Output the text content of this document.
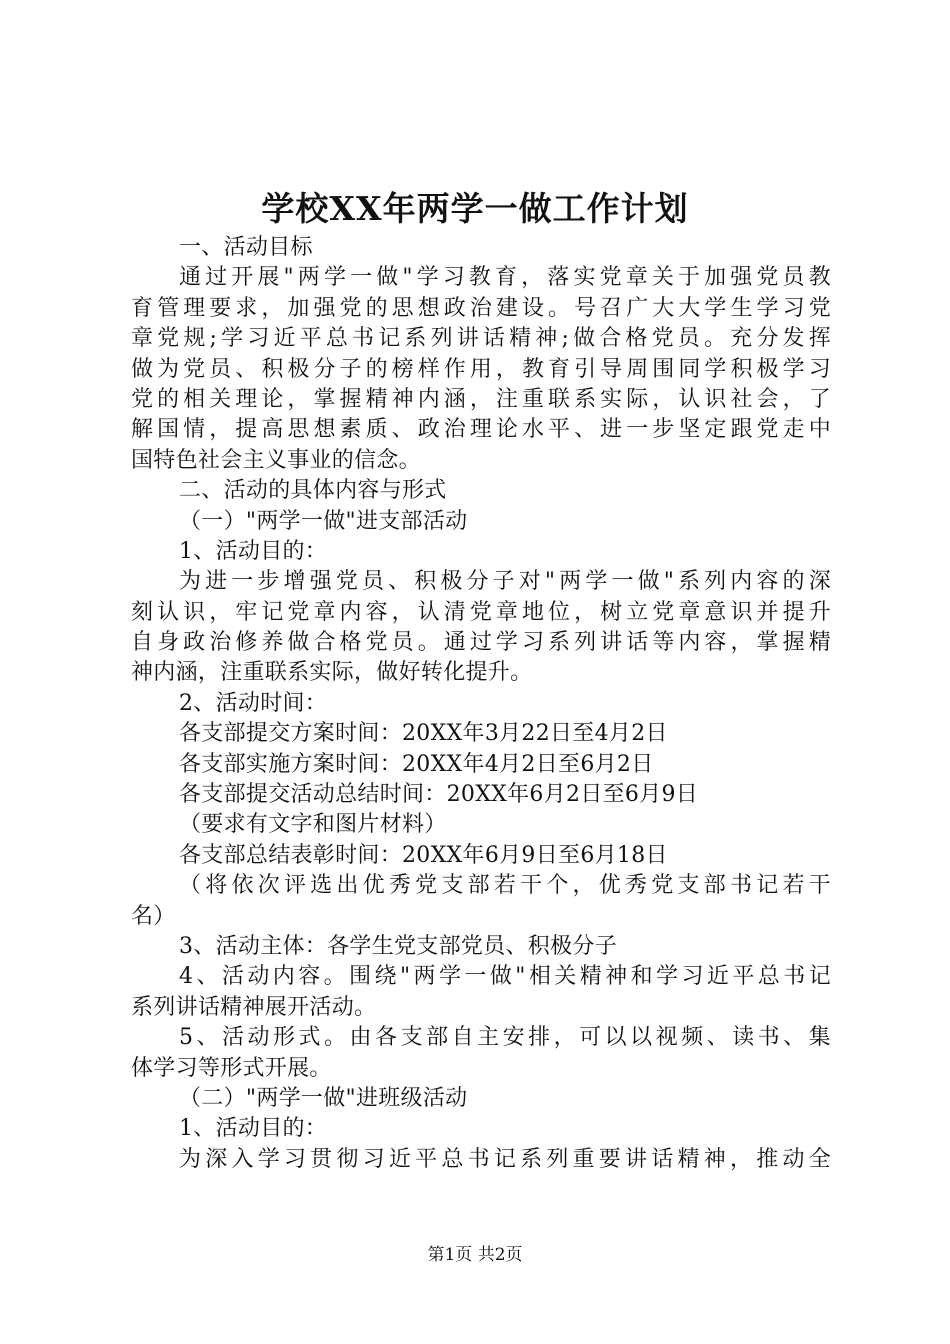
学校XX年两学一做工作计划
一、活动目标
通过开展"两学一做"学习教育，落实党章关于加强党员教
育管理要求，加强党的思想政治建设。号召广大大学生学习党
章党规;学习近平总书记系列讲话精神;做合格党员。充分发挥
做为党员、积极分子的榜样作用，教育引导周围同学积极学习
党的相关理论，掌握精神内涵，注重联系实际，认识社会，了
解国情，提高思想素质、政治理论水平、进一步坚定跟党走中
国特色社会主义事业的信念。
二、活动的具体内容与形式
（一）"两学一做"进支部活动
1、活动目的：
为进一步增强党员、积极分子对"两学一做"系列内容的深
刻认识，牢记党章内容，认清党章地位，树立党章意识并提升
自身政治修养做合格党员。通过学习系列讲话等内容，掌握精
神内涵，注重联系实际，做好转化提升。
2、活动时间：
各支部提交方案时间：20XX年3月22日至4月2日
各支部实施方案时间：20XX年4月2日至6月2日
各支部提交活动总结时间：20XX年6月2日至6月9日
（要求有文字和图片材料）
各支部总结表彰时间：20XX年6月9日至6月18日
（将依次评选出优秀党支部若干个，优秀党支部书记若干
名）
3、活动主体：各学生党支部党员、积极分子
4、活动内容。围绕"两学一做"相关精神和学习近平总书记
系列讲话精神展开活动。
5、活动形式。由各支部自主安排，可以以视频、读书、集
体学习等形式开展。
（二）"两学一做"进班级活动
1、活动目的：
为深入学习贯彻习近平总书记系列重要讲话精神，推动全
第1页 共2页
